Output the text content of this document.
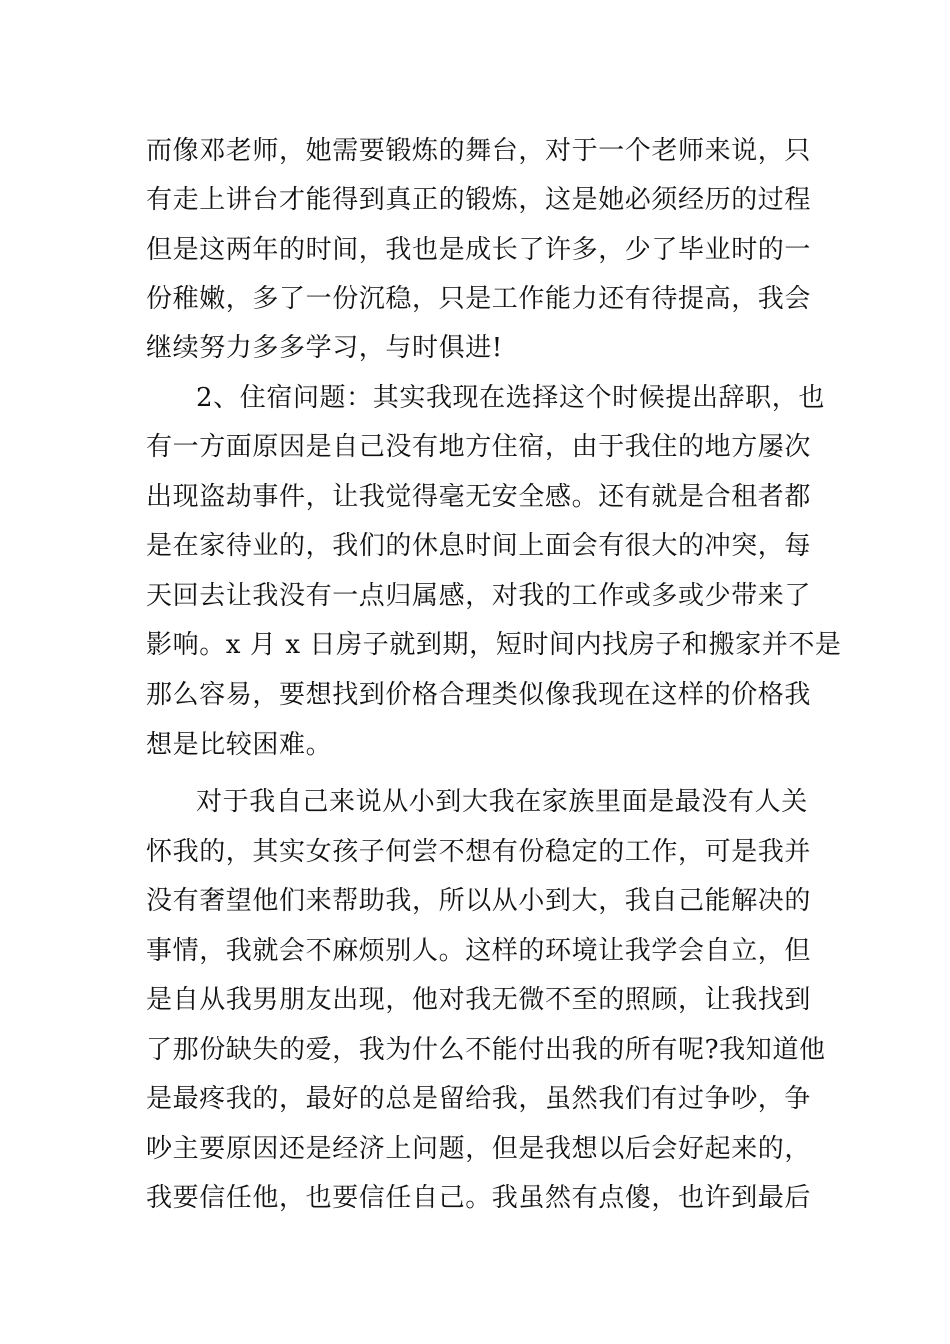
而像邓老师，她需要锻炼的舞台，对于一个老师来说，只
有走上讲台才能得到真正的锻炼，这是她必须经历的过程
但是这两年的时间，我也是成长了许多，少了毕业时的一
份稚嫩，多了一份沉稳，只是工作能力还有待提高，我会
继续努力多多学习，与时俱进!
2、住宿问题：其实我现在选择这个时候提出辞职，也
有一方面原因是自己没有地方住宿，由于我住的地方屡次
出现盗劫事件，让我觉得毫无安全感。还有就是合租者都
是在家待业的，我们的休息时间上面会有很大的冲突，每
天回去让我没有一点归属感，对我的工作或多或少带来了
影响。x 月 x 日房子就到期，短时间内找房子和搬家并不是
那么容易，要想找到价格合理类似像我现在这样的价格我
想是比较困难。
对于我自己来说从小到大我在家族里面是最没有人关
怀我的，其实女孩子何尝不想有份稳定的工作，可是我并
没有奢望他们来帮助我，所以从小到大，我自己能解决的
事情，我就会不麻烦别人。这样的环境让我学会自立，但
是自从我男朋友出现，他对我无微不至的照顾，让我找到
了那份缺失的爱，我为什么不能付出我的所有呢?我知道他
是最疼我的，最好的总是留给我，虽然我们有过争吵，争
吵主要原因还是经济上问题，但是我想以后会好起来的，
我要信任他，也要信任自己。我虽然有点傻，也许到最后
